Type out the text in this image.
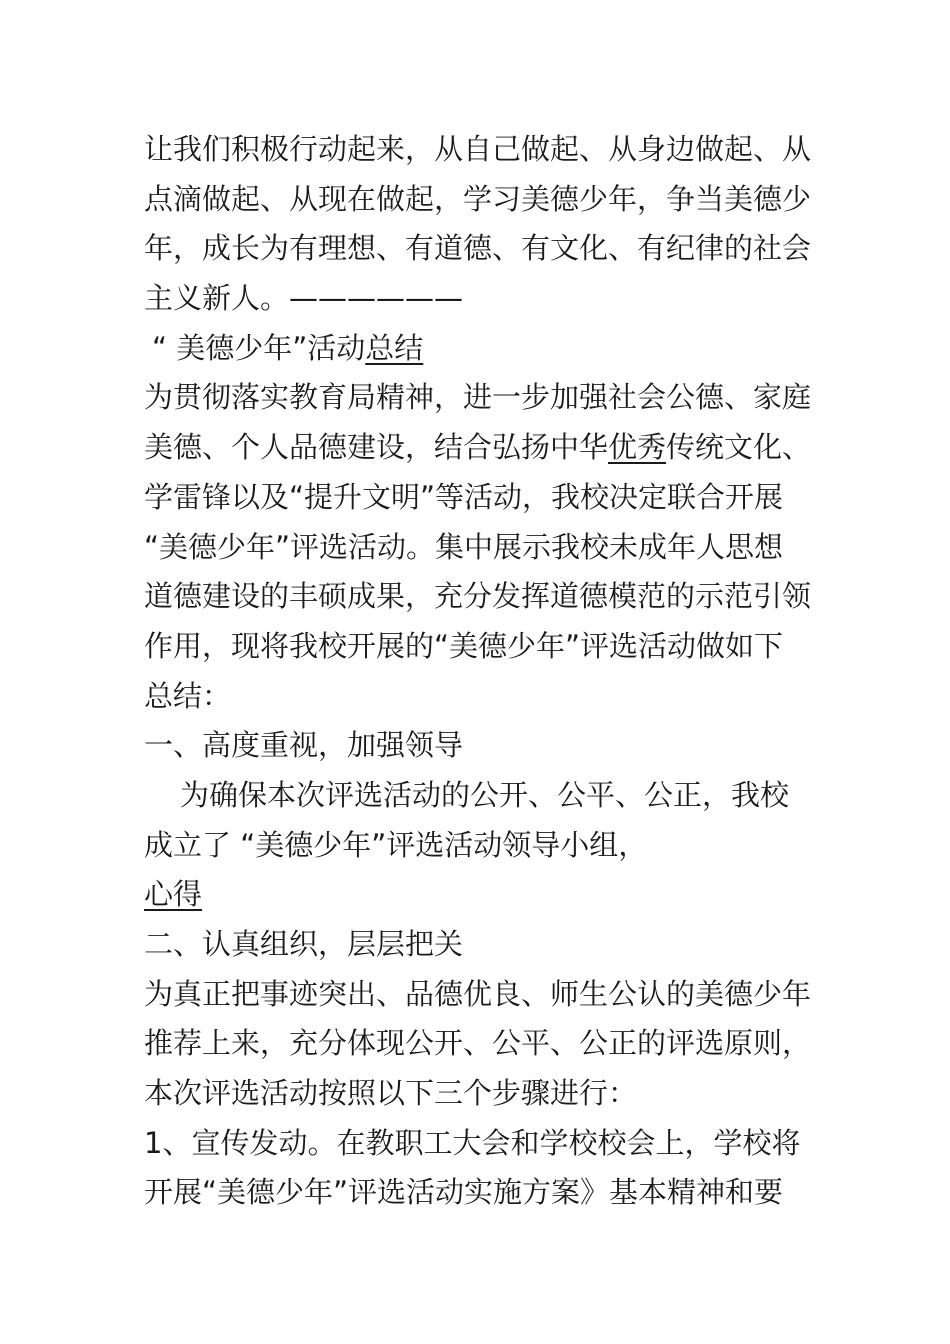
让我们积极行动起来，从自己做起、从身边做起、从
点滴做起、从现在做起，学习美德少年，争当美德少
年，成长为有理想、有道德、有文化、有纪律的社会
主义新人。——————
“ 美德少年”活动总结
为贯彻落实教育局精神，进一步加强社会公德、家庭
美德、个人品德建设，结合弘扬中华优秀传统文化、
学雷锋以及“提升文明”等活动，我校决定联合开展
“美德少年”评选活动。集中展示我校未成年人思想
道德建设的丰硕成果，充分发挥道德模范的示范引领
作用，现将我校开展的“美德少年”评选活动做如下
总结：
一、高度重视，加强领导
为确保本次评选活动的公开、公平、公正，我校
成立了 “美德少年”评选活动领导小组，
心得
二、认真组织，层层把关
为真正把事迹突出、品德优良、师生公认的美德少年
推荐上来，充分体现公开、公平、公正的评选原则，
本次评选活动按照以下三个步骤进行：
1、宣传发动。在教职工大会和学校校会上，学校将
开展“美德少年”评选活动实施方案》基本精神和要
